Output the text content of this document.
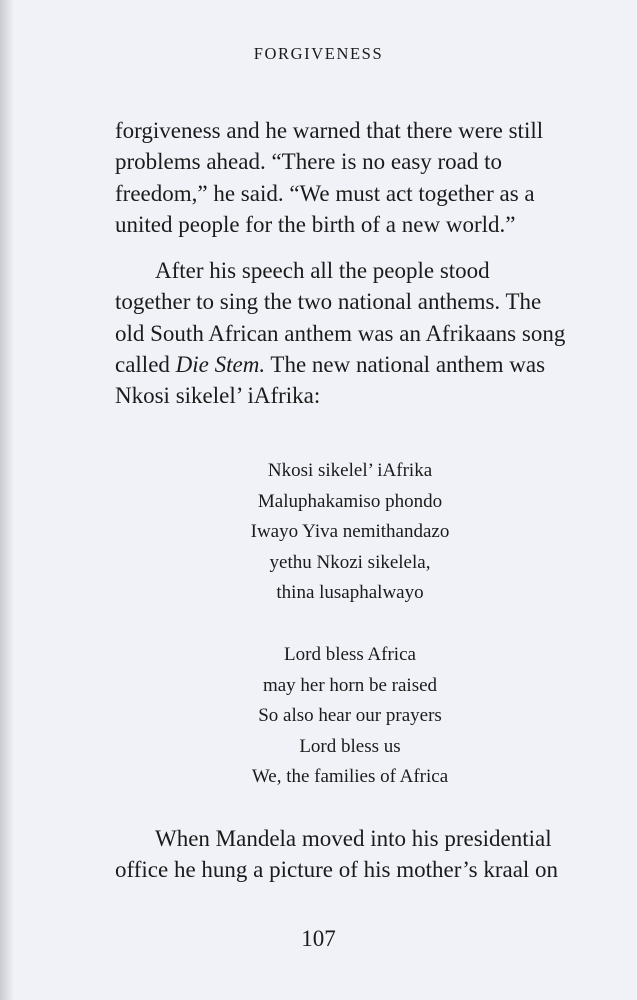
FORGIVENESS

forgiveness and he warned that there were still
problems ahead. “There is no easy road to
freedom,” he said. “We must act together as a
united people for the birth of a new world.”

After his speech all the people stood
together to sing the two national anthems. The
old South African anthem was an Afrikaans song
called Die Stem. The new national anthem was
Nkosi sikelel’ iAfrika:

Nkosi sikelel’ iAfrika
Maluphakamiso phondo
Iwayo Yiva nemithandazo
yethu Nkozi sikelela,
thina lusaphalwayo
Lord bless Africa
may her horn be raised
So also hear our prayers
Lord bless us
We, the families of Africa

When Mandela moved into his presidential
office he hung a picture of his mother’s kraal on

107
